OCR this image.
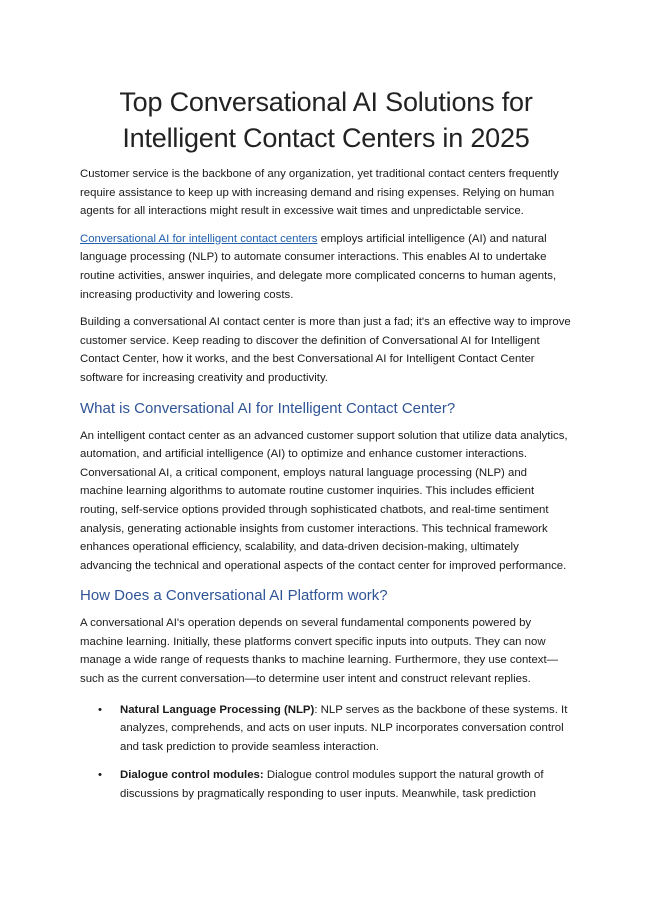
Top Conversational AI Solutions for Intelligent Contact Centers in 2025

Customer service is the backbone of any organization, yet traditional contact centers frequently require assistance to keep up with increasing demand and rising expenses. Relying on human agents for all interactions might result in excessive wait times and unpredictable service.

Conversational AI for intelligent contact centers employs artificial intelligence (AI) and natural language processing (NLP) to automate consumer interactions. This enables AI to undertake routine activities, answer inquiries, and delegate more complicated concerns to human agents, increasing productivity and lowering costs.

Building a conversational AI contact center is more than just a fad; it's an effective way to improve customer service. Keep reading to discover the definition of Conversational AI for Intelligent Contact Center, how it works, and the best Conversational AI for Intelligent Contact Center software for increasing creativity and productivity.

What is Conversational AI for Intelligent Contact Center?

An intelligent contact center as an advanced customer support solution that utilize data analytics, automation, and artificial intelligence (AI) to optimize and enhance customer interactions. Conversational AI, a critical component, employs natural language processing (NLP) and machine learning algorithms to automate routine customer inquiries. This includes efficient routing, self-service options provided through sophisticated chatbots, and real-time sentiment analysis, generating actionable insights from customer interactions. This technical framework enhances operational efficiency, scalability, and data-driven decision-making, ultimately advancing the technical and operational aspects of the contact center for improved performance.

How Does a Conversational AI Platform work?

A conversational AI's operation depends on several fundamental components powered by machine learning. Initially, these platforms convert specific inputs into outputs. They can now manage a wide range of requests thanks to machine learning. Furthermore, they use context—such as the current conversation—to determine user intent and construct relevant replies.

• Natural Language Processing (NLP): NLP serves as the backbone of these systems. It analyzes, comprehends, and acts on user inputs. NLP incorporates conversation control and task prediction to provide seamless interaction.
• Dialogue control modules: Dialogue control modules support the natural growth of discussions by pragmatically responding to user inputs. Meanwhile, task prediction
